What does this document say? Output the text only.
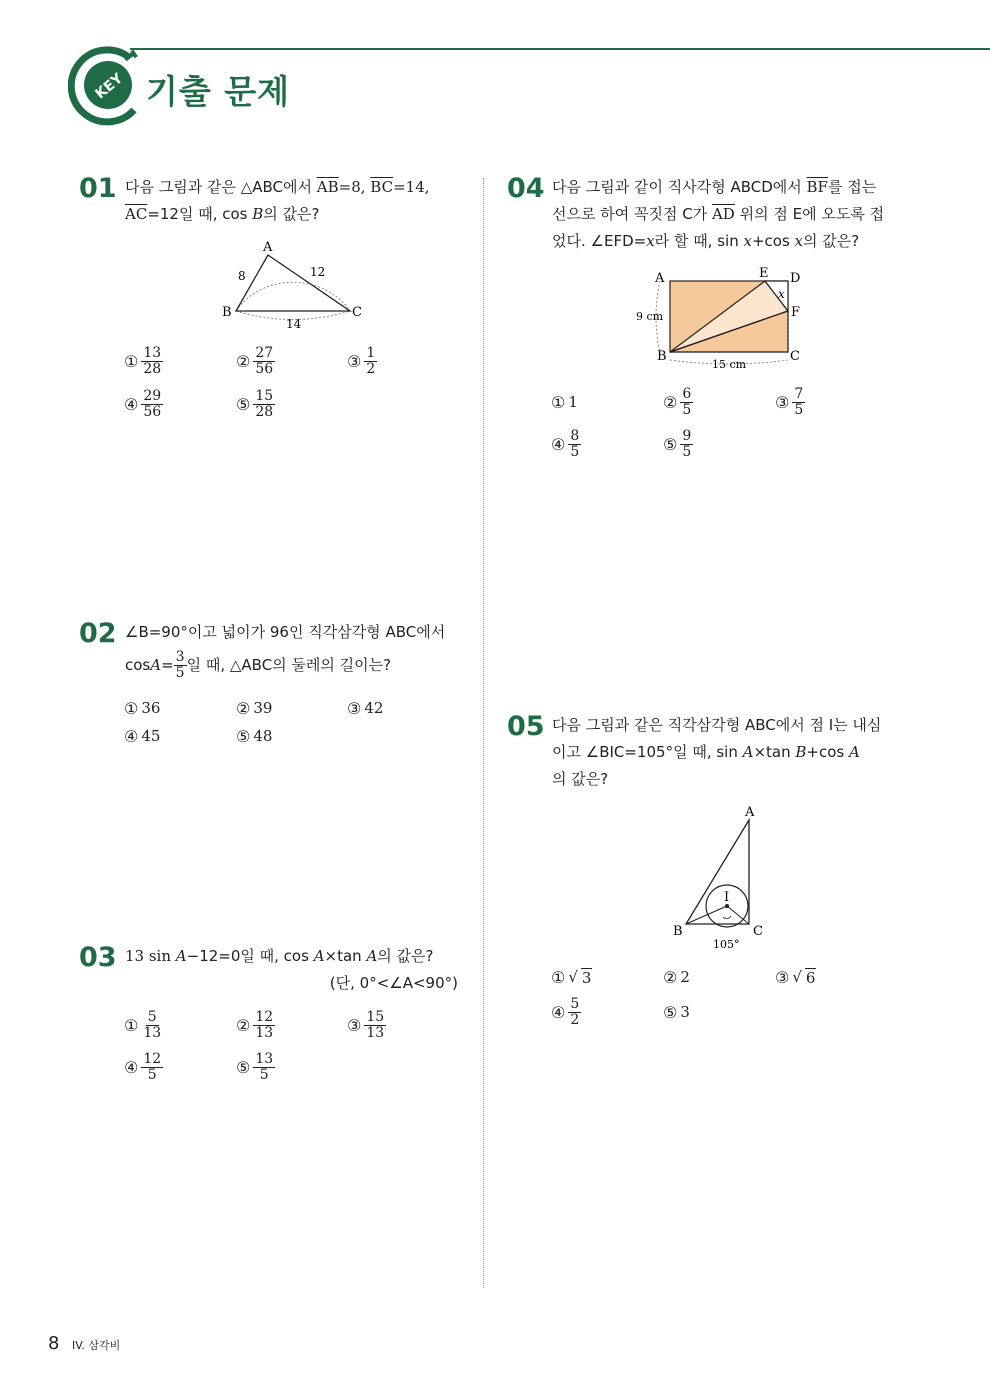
KEY 기출 문제
01 다음 그림과 같은 △ABC에서 $\overline{AB}=8$, $\overline{BC}=14$,
$\overline{AC}=12$일 때, cos B의 값은?
A
B	C
8	12
14
① $\frac{13}{28}$	② $\frac{27}{56}$	③ $\frac{1}{2}$
④ $\frac{29}{56}$	⑤ $\frac{15}{28}$
02 ∠B=90°이고 넓이가 96인 직각삼각형 ABC에서
$\cos A = \frac{3}{5}$ 일 때, △ABC의 둘레의 길이는?
① 36	② 39	③ 42
④ 45	⑤ 48
03 13 sin A−12=0일 때, cos A×tan A의 값은?
(단, 0°<∠A<90°)
① $\frac{5}{13}$	② $\frac{12}{13}$	③ $\frac{15}{13}$
④ $\frac{12}{5}$	⑤ $\frac{13}{5}$
04 다음 그림과 같이 직사각형 ABCD에서 $\overline{BF}$를 접는
선으로 하여 꼭짓점 C가 $\overline{AD}$ 위의 점 E에 오도록 접
었다. ∠EFD=x라 할 때, sin x+cos x의 값은?
A
B	C
D
E
F
x
9 cm
15 cm
① 1	② $\frac{6}{5}$	③ $\frac{7}{5}$
④ $\frac{8}{5}$	⑤ $\frac{9}{5}$
05 다음 그림과 같은 직각삼각형 ABC에서 점 I는 내심
이고 ∠BIC=105°일 때, sin A×tan B+cos A
의 값은?
A
B	C
I
105°
① √ 3	② 2	③ √ 6
④ $\frac{5}{2}$	⑤ 3
8 IV. 삼각비
